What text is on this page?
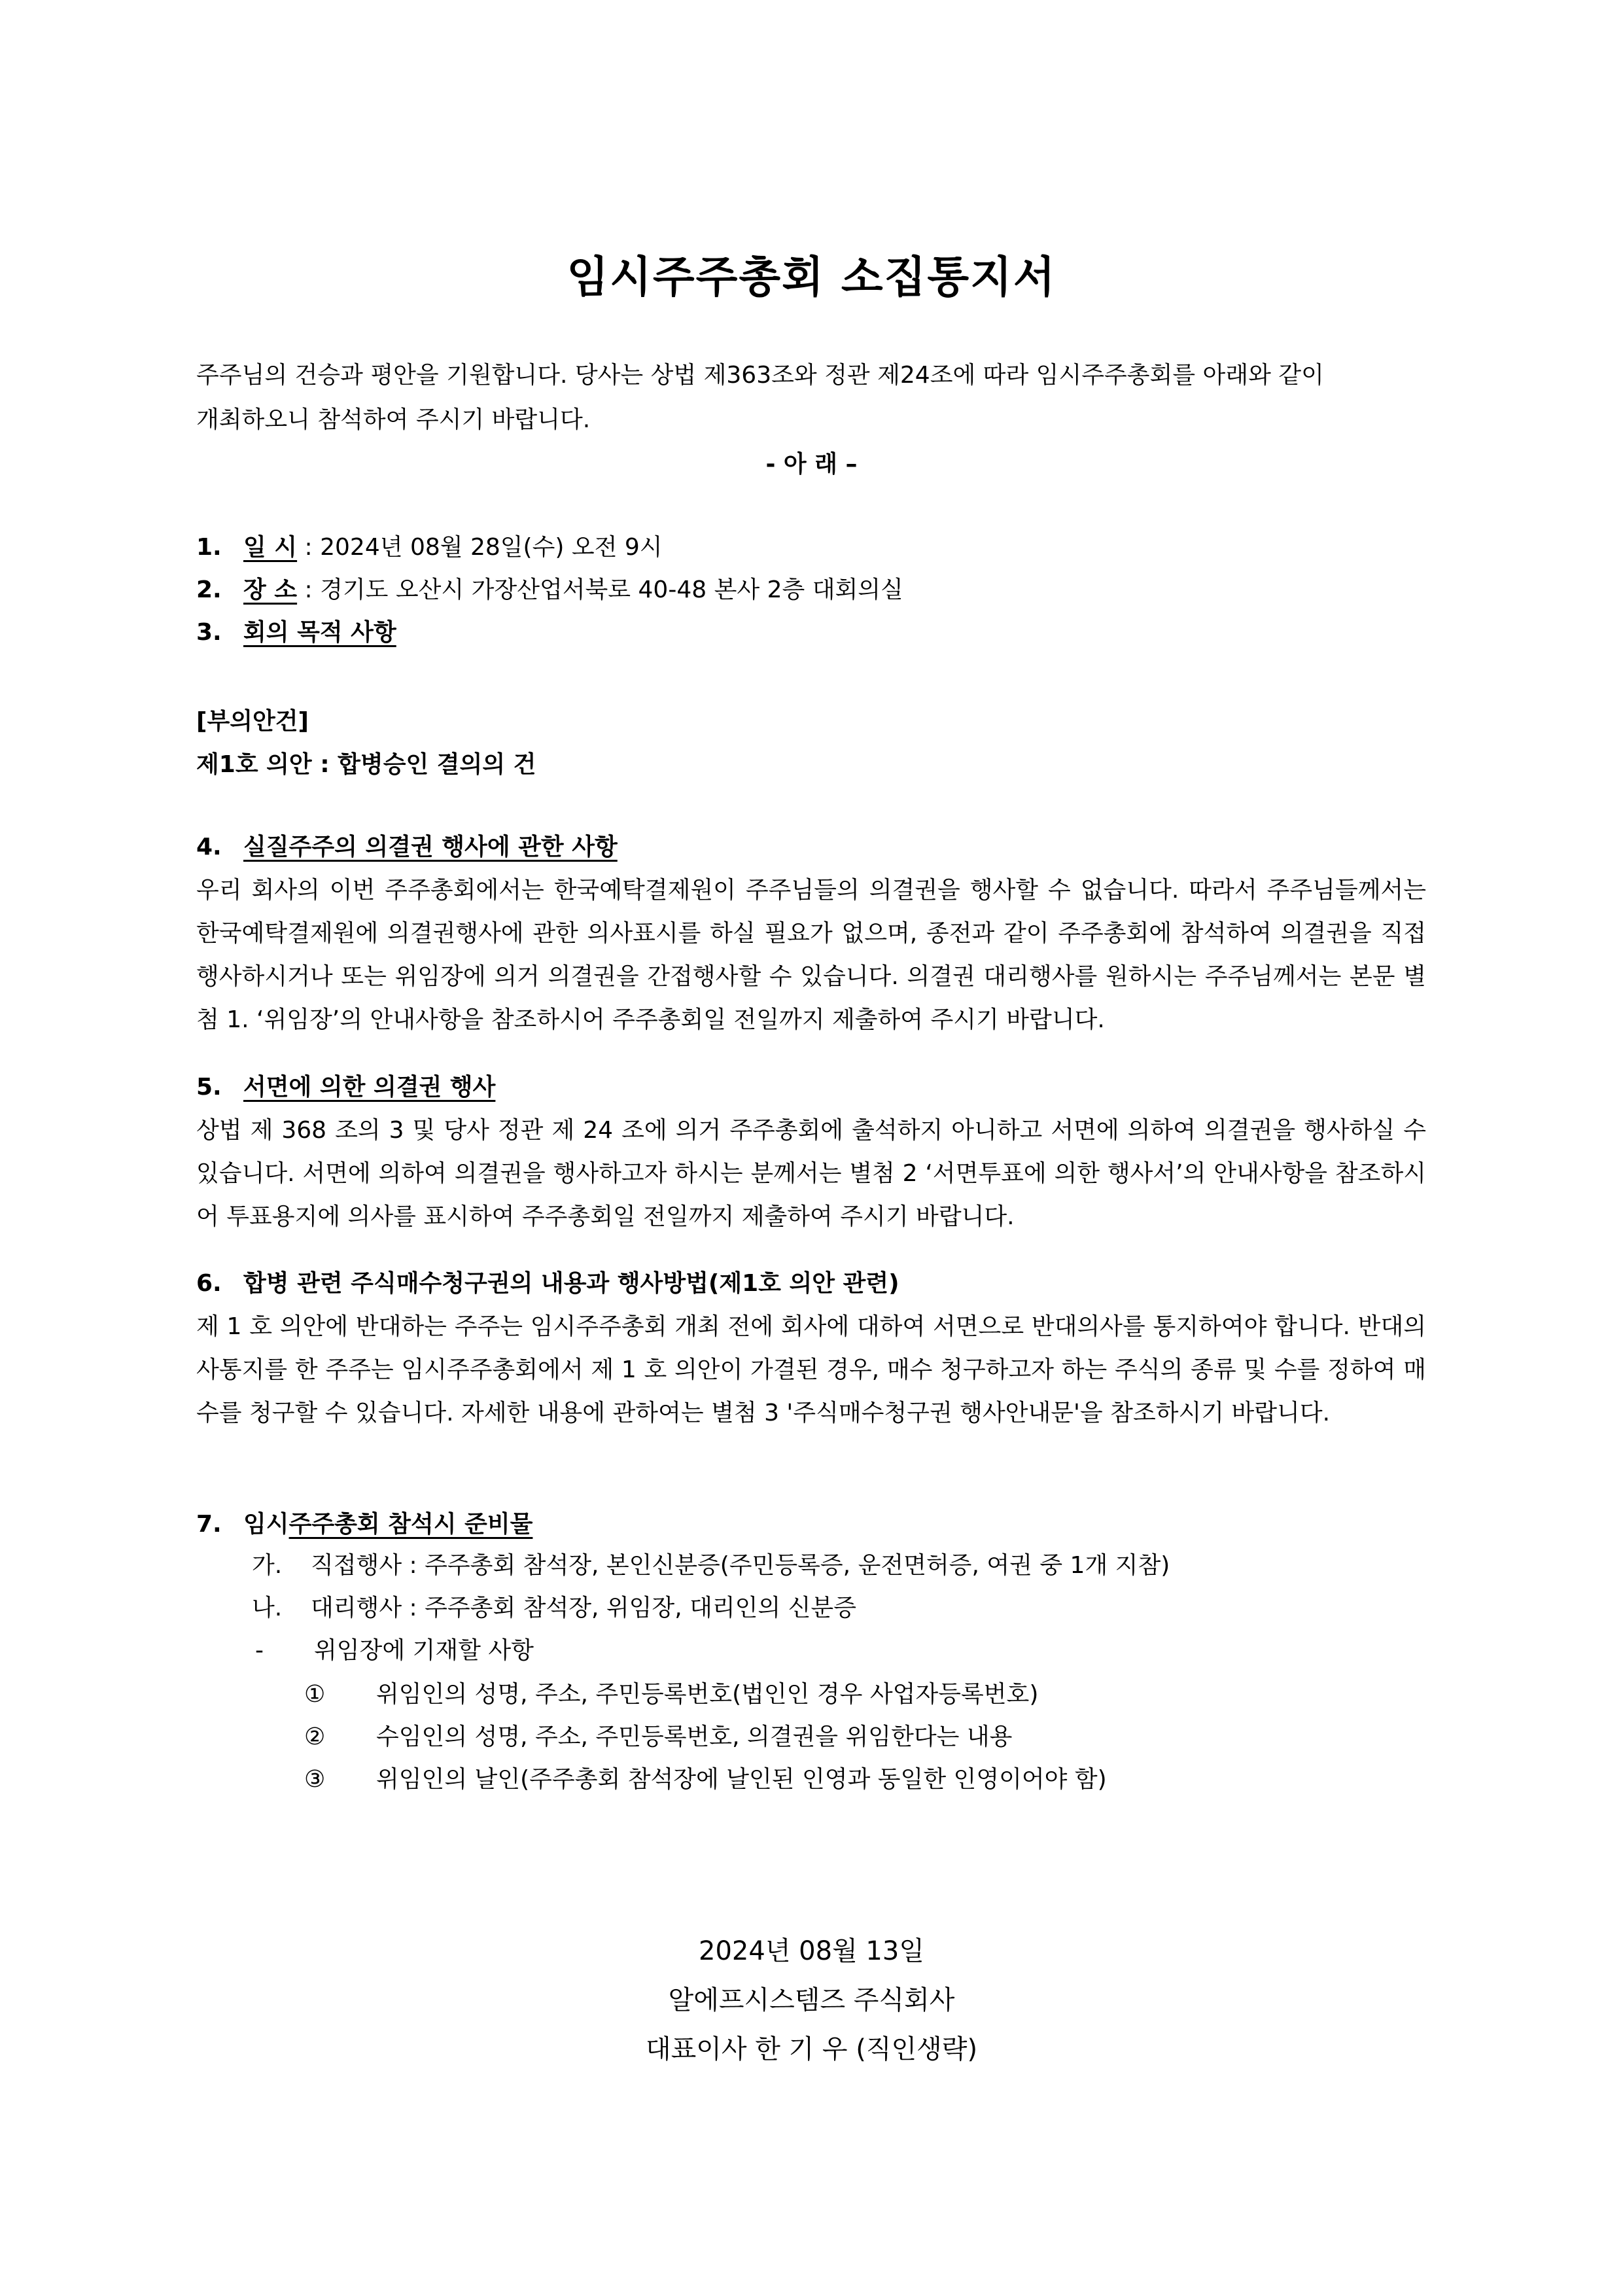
임시주주총회 소집통지서
주주님의 건승과 평안을 기원합니다. 당사는 상법 제363조와 정관 제24조에 따라 임시주주총회를 아래와 같이
개최하오니 참석하여 주시기 바랍니다.
- 아 래 –
1. 일 시 : 2024년 08월 28일(수) 오전 9시
2. 장 소 : 경기도 오산시 가장산업서북로 40-48 본사 2층 대회의실
3. 회의 목적 사항
[부의안건]
제1호 의안 : 합병승인 결의의 건
4. 실질주주의 의결권 행사에 관한 사항
우리 회사의 이번 주주총회에서는 한국예탁결제원이 주주님들의 의결권을 행사할 수 없습니다. 따라서 주주님들께서는 한국예탁결제원에 의결권행사에 관한 의사표시를 하실 필요가 없으며, 종전과 같이 주주총회에 참석하여 의결권을 직접행사하시거나 또는 위임장에 의거 의결권을 간접행사할 수 있습니다. 의결권 대리행사를 원하시는 주주님께서는 본문 별첨 1. ‘위임장’의 안내사항을 참조하시어 주주총회일 전일까지 제출하여 주시기 바랍니다.
5. 서면에 의한 의결권 행사
상법 제 368 조의 3 및 당사 정관 제 24 조에 의거 주주총회에 출석하지 아니하고 서면에 의하여 의결권을 행사하실 수 있습니다. 서면에 의하여 의결권을 행사하고자 하시는 분께서는 별첨 2 ‘서면투표에 의한 행사서’의 안내사항을 참조하시어 투표용지에 의사를 표시하여 주주총회일 전일까지 제출하여 주시기 바랍니다.
6. 합병 관련 주식매수청구권의 내용과 행사방법(제1호 의안 관련)
제 1 호 의안에 반대하는 주주는 임시주주총회 개최 전에 회사에 대하여 서면으로 반대의사를 통지하여야 합니다. 반대의사통지를 한 주주는 임시주주총회에서 제 1 호 의안이 가결된 경우, 매수 청구하고자 하는 주식의 종류 및 수를 정하여 매수를 청구할 수 있습니다. 자세한 내용에 관하여는 별첨 3 '주식매수청구권 행사안내문'을 참조하시기 바랍니다.
7. 임시주주총회 참석시 준비물
가. 직접행사 : 주주총회 참석장, 본인신분증(주민등록증, 운전면허증, 여권 중 1개 지참)
나. 대리행사 : 주주총회 참석장, 위임장, 대리인의 신분증
- 위임장에 기재할 사항
① 위임인의 성명, 주소, 주민등록번호(법인인 경우 사업자등록번호)
② 수임인의 성명, 주소, 주민등록번호, 의결권을 위임한다는 내용
③ 위임인의 날인(주주총회 참석장에 날인된 인영과 동일한 인영이어야 함)
2024년 08월 13일
알에프시스템즈 주식회사
대표이사 한 기 우 (직인생략)
